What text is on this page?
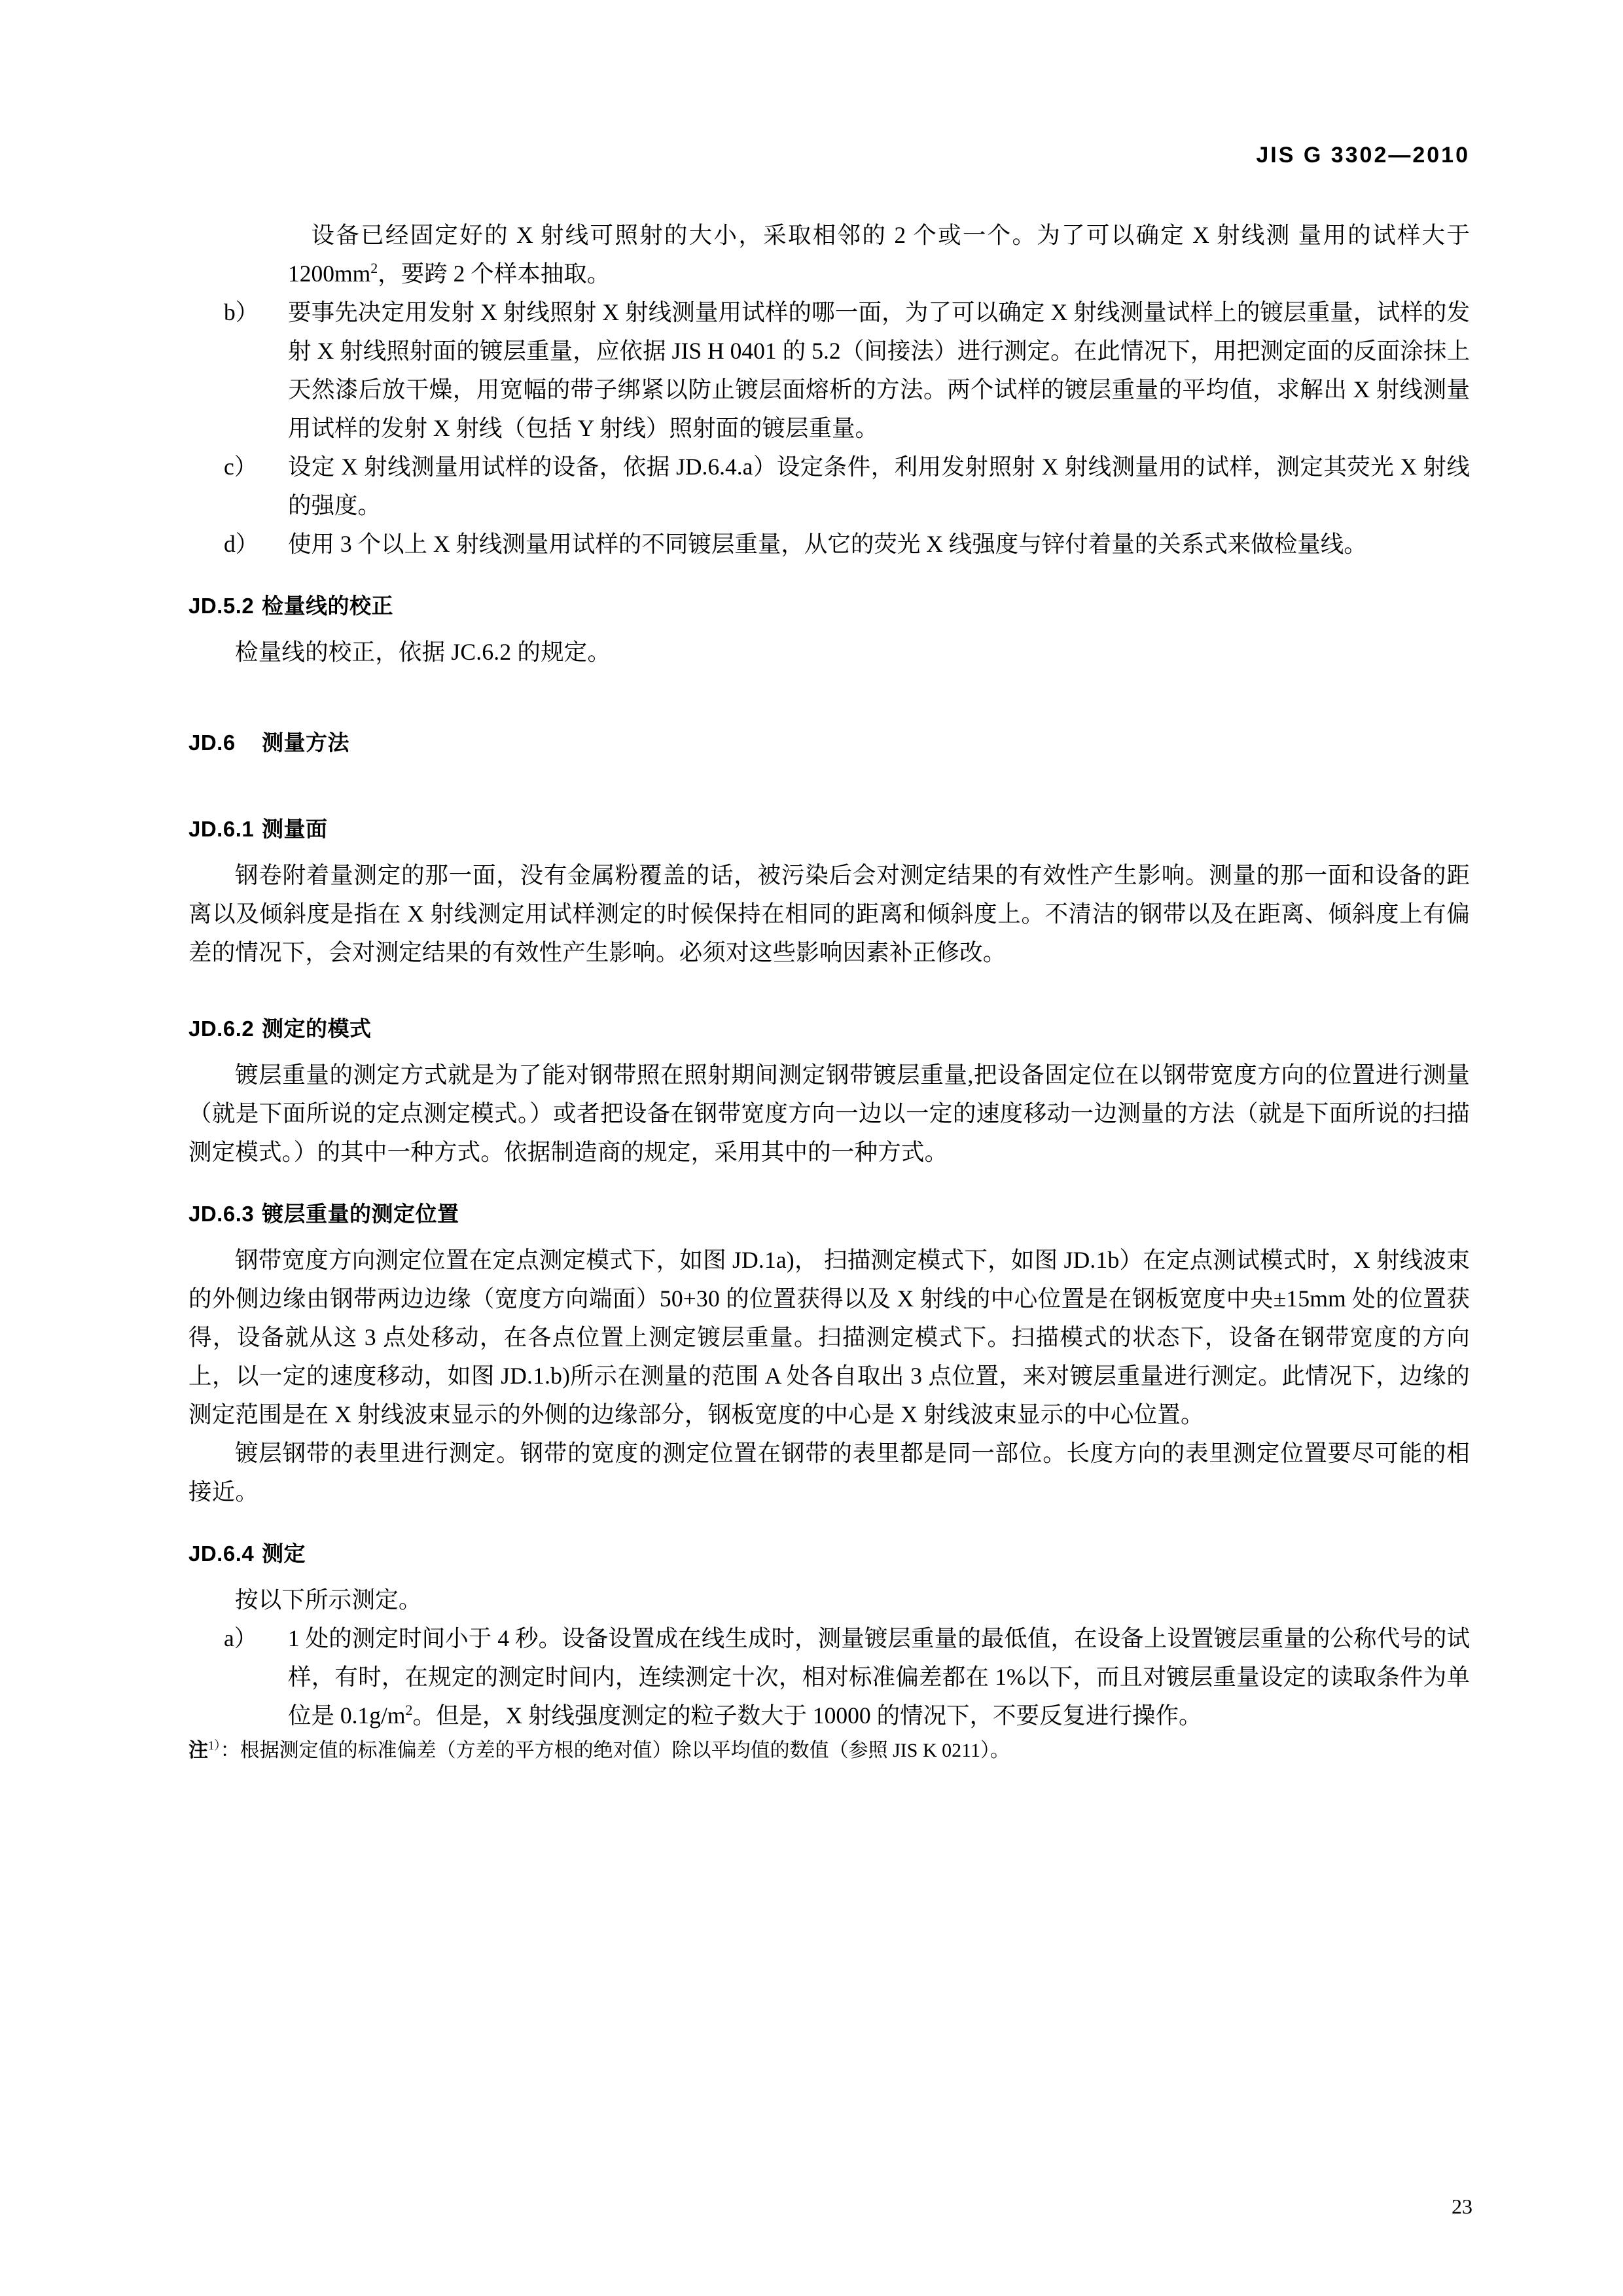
JIS G 3302—2010
设备已经固定好的 X 射线可照射的大小，采取相邻的 2 个或一个。为了可以确定 X 射线测 量用的试样大于 $1200mm^2$，要跨 2 个样本抽取。
b）	要事先决定用发射 X 射线照射 X 射线测量用试样的哪一面，为了可以确定 X 射线测量试样上的镀层重量，试样的发射 X 射线照射面的镀层重量，应依据 JIS H 0401 的 5.2（间接法）进行测定。在此情况下，用把测定面的反面涂抹上天然漆后放干燥，用宽幅的带子绑紧以防止镀层面熔析的方法。两个试样的镀层重量的平均值，求解出 X 射线测量用试样的发射 X 射线（包括 Y 射线）照射面的镀层重量。
c）	设定 X 射线测量用试样的设备，依据 JD.6.4.a）设定条件，利用发射照射 X 射线测量用的试样，测定其荧光 X 射线的强度。
d）	使用 3 个以上 X 射线测量用试样的不同镀层重量，从它的荧光 X 线强度与锌付着量的关系式来做检量线。
JD.5.2 检量线的校正

检量线的校正，依据 JC.6.2 的规定。

JD.6 测量方法
JD.6.1 测量面

钢卷附着量测定的那一面，没有金属粉覆盖的话，被污染后会对测定结果的有效性产生影响。测量的那一面和设备的距离以及倾斜度是指在 X 射线测定用试样测定的时候保持在相同的距离和倾斜度上。不清洁的钢带以及在距离、倾斜度上有偏差的情况下，会对测定结果的有效性产生影响。必须对这些影响因素补正修改。

JD.6.2 测定的模式

镀层重量的测定方式就是为了能对钢带照在照射期间测定钢带镀层重量,把设备固定位在以钢带宽度方向的位置进行测量（就是下面所说的定点测定模式。）或者把设备在钢带宽度方向一边以一定的速度移动一边测量的方法（就是下面所说的扫描测定模式。）的其中一种方式。依据制造商的规定，采用其中的一种方式。

JD.6.3 镀层重量的测定位置

钢带宽度方向测定位置在定点测定模式下，如图 JD.1a)， 扫描测定模式下，如图 JD.1b）在定点测试模式时，X 射线波束的外侧边缘由钢带两边边缘（宽度方向端面）50+30 的位置获得以及 X 射线的中心位置是在钢板宽度中央±15mm 处的位置获得，设备就从这 3 点处移动，在各点位置上测定镀层重量。扫描测定模式下。扫描模式的状态下，设备在钢带宽度的方向上，以一定的速度移动，如图 JD.1.b)所示在测量的范围 A 处各自取出 3 点位置，来对镀层重量进行测定。此情况下，边缘的测定范围是在 X 射线波束显示的外侧的边缘部分，钢板宽度的中心是 X 射线波束显示的中心位置。

镀层钢带的表里进行测定。钢带的宽度的测定位置在钢带的表里都是同一部位。长度方向的表里测定位置要尽可能的相接近。

JD.6.4 测定

按以下所示测定。

a）	1 处的测定时间小于 4 秒。设备设置成在线生成时，测量镀层重量的最低值，在设备上设置镀层重量的公称代号的试样，有时，在规定的测定时间内，连续测定十次，相对标准偏差都在 1%以下，而且对镀层重量设定的读取条件为单位是 $0.1g/m^2$。但是，X 射线强度测定的粒子数大于 10000 的情况下，不要反复进行操作。
注$^{1)}$：根据测定值的标准偏差（方差的平方根的绝对值）除以平均值的数值（参照 JIS K 0211）。
23
